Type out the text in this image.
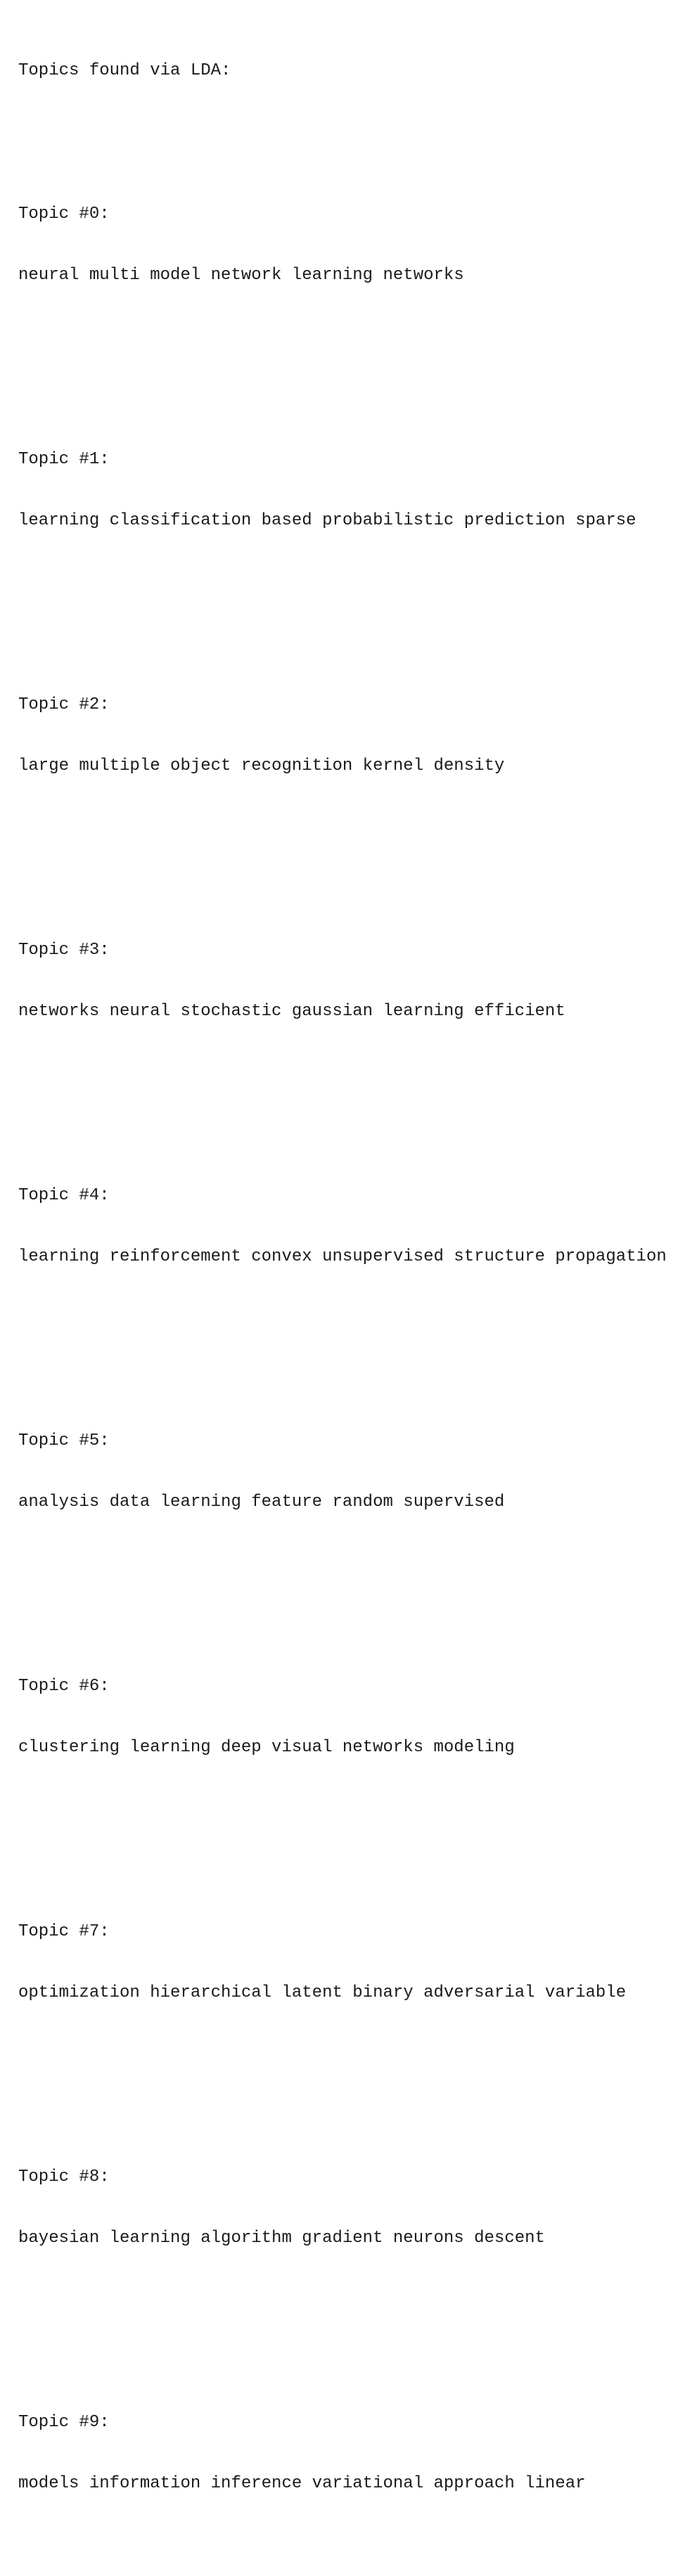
Topics found via LDA:

Topic #0:

neural multi model network learning networks

Topic #1:

learning classification based probabilistic prediction sparse

Topic #2:

large multiple object recognition kernel density

Topic #3:

networks neural stochastic gaussian learning efficient

Topic #4:

learning reinforcement convex unsupervised structure propagation

Topic #5:

analysis data learning feature random supervised

Topic #6:

clustering learning deep visual networks modeling

Topic #7:

optimization hierarchical latent binary adversarial variable

Topic #8:

bayesian learning algorithm gradient neurons descent

Topic #9:

models information inference variational approach linear
